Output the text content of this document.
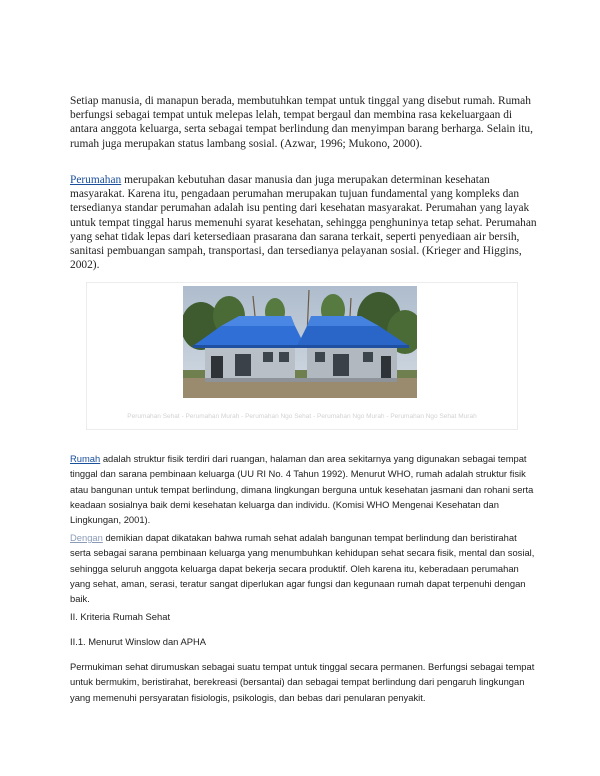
Setiap manusia, di manapun berada, membutuhkan tempat untuk tinggal yang disebut rumah. Rumah berfungsi sebagai tempat untuk melepas lelah, tempat bergaul dan membina rasa kekeluargaan di antara anggota keluarga, serta sebagai tempat berlindung dan menyimpan barang berharga. Selain itu, rumah juga merupakan status lambang sosial. (Azwar, 1996; Mukono, 2000).

Perumahan merupakan kebutuhan dasar manusia dan juga merupakan determinan kesehatan masyarakat. Karena itu, pengadaan perumahan merupakan tujuan fundamental yang kompleks dan tersedianya standar perumahan adalah isu penting dari kesehatan masyarakat. Perumahan yang layak untuk tempat tinggal harus memenuhi syarat kesehatan, sehingga penghuninya tetap sehat. Perumahan yang sehat tidak lepas dari ketersediaan prasarana dan sarana terkait, seperti penyediaan air bersih, sanitasi pembuangan sampah, transportasi, dan tersedianya pelayanan sosial. (Krieger and Higgins, 2002).

Perumahan Sehat - Perumahan Murah - Perumahan Ngo Sehat - Perumahan Ngo Murah - Perumahan Ngo Sehat Murah

Rumah adalah struktur fisik terdiri dari ruangan, halaman dan area sekitarnya yang digunakan sebagai tempat tinggal dan sarana pembinaan keluarga (UU RI No. 4 Tahun 1992). Menurut WHO, rumah adalah struktur fisik atau bangunan untuk tempat berlindung, dimana lingkungan berguna untuk kesehatan jasmani dan rohani serta keadaan sosialnya baik demi kesehatan keluarga dan individu. (Komisi WHO Mengenai Kesehatan dan Lingkungan, 2001).

Dengan demikian dapat dikatakan bahwa rumah sehat adalah bangunan tempat berlindung dan beristirahat serta sebagai sarana pembinaan keluarga yang menumbuhkan kehidupan sehat secara fisik, mental dan sosial, sehingga seluruh anggota keluarga dapat bekerja secara produktif. Oleh karena itu, keberadaan perumahan yang sehat, aman, serasi, teratur sangat diperlukan agar fungsi dan kegunaan rumah dapat terpenuhi dengan baik.

II. Kriteria Rumah Sehat

II.1. Menurut Winslow dan APHA

Permukiman sehat dirumuskan sebagai suatu tempat untuk tinggal secara permanen. Berfungsi sebagai tempat untuk bermukim, beristirahat, berekreasi (bersantai) dan sebagai tempat berlindung dari pengaruh lingkungan yang memenuhi persyaratan fisiologis, psikologis, dan bebas dari penularan penyakit.
